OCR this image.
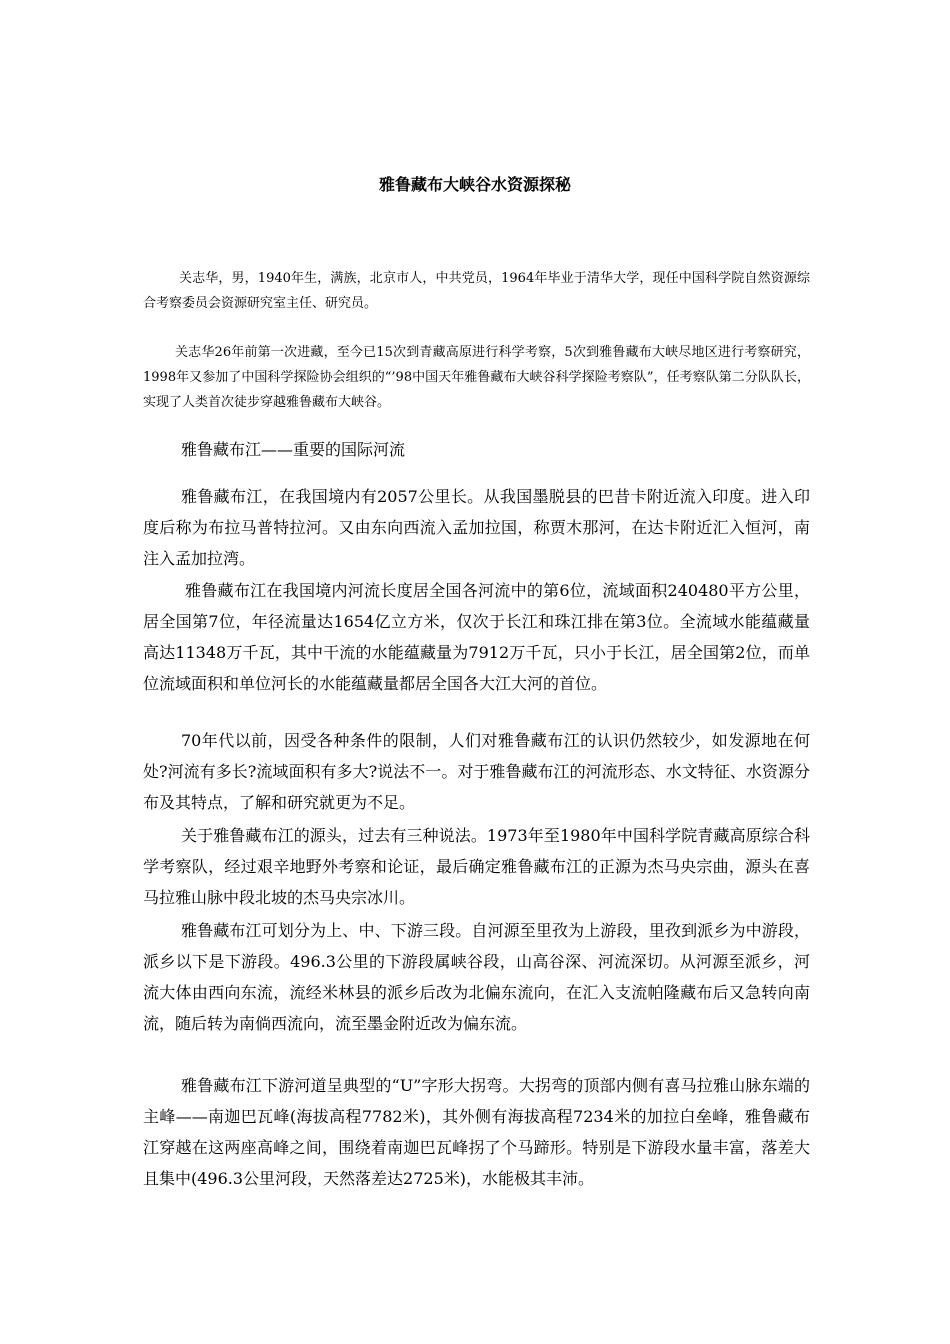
雅鲁藏布大峡谷水资源探秘

关志华，男，1940年生，满族，北京市人，中共党员，1964年毕业于清华大学，现任中国科学院自然资源综合考察委员会资源研究室主任、研究员。

关志华26年前第一次进藏，至今已15次到青藏高原进行科学考察，5次到雅鲁藏布大峡尽地区进行考察研究，1998年又参加了中国科学探险协会组织的“’98中国天年雅鲁藏布大峡谷科学探险考察队”，任考察队第二分队队长，实现了人类首次徒步穿越雅鲁藏布大峡谷。

雅鲁藏布江——重要的国际河流

雅鲁藏布江，在我国境内有2057公里长。从我国墨脱县的巴昔卡附近流入印度。进入印度后称为布拉马普特拉河。又由东向西流入孟加拉国，称贾木那河，在达卡附近汇入恒河，南注入孟加拉湾。

雅鲁藏布江在我国境内河流长度居全国各河流中的第6位，流域面积240480平方公里，居全国第7位，年径流量达1654亿立方米，仅次于长江和珠江排在第3位。全流域水能蕴藏量高达11348万千瓦，其中干流的水能蕴藏量为7912万千瓦，只小于长江，居全国第2位，而单位流域面积和单位河长的水能蕴藏量都居全国各大江大河的首位。

70年代以前，因受各种条件的限制，人们对雅鲁藏布江的认识仍然较少，如发源地在何处?河流有多长?流域面积有多大?说法不一。对于雅鲁藏布江的河流形态、水文特征、水资源分布及其特点，了解和研究就更为不足。

关于雅鲁藏布江的源头，过去有三种说法。1973年至1980年中国科学院青藏高原综合科学考察队，经过艰辛地野外考察和论证，最后确定雅鲁藏布江的正源为杰马央宗曲，源头在喜马拉雅山脉中段北坡的杰马央宗冰川。

雅鲁藏布江可划分为上、中、下游三段。自河源至里孜为上游段，里孜到派乡为中游段，派乡以下是下游段。496.3公里的下游段属峡谷段，山高谷深、河流深切。从河源至派乡，河流大体由西向东流，流经米林县的派乡后改为北偏东流向，在汇入支流帕隆藏布后又急转向南流，随后转为南倘西流向，流至墨金附近改为偏东流。

雅鲁藏布江下游河道呈典型的“U”字形大拐弯。大拐弯的顶部内侧有喜马拉雅山脉东端的主峰——南迦巴瓦峰(海拔高程7782米)，其外侧有海拔高程7234米的加拉白垒峰，雅鲁藏布江穿越在这两座高峰之间，围绕着南迦巴瓦峰拐了个马蹄形。特别是下游段水量丰富，落差大且集中(496.3公里河段，天然落差达2725米)，水能极其丰沛。
